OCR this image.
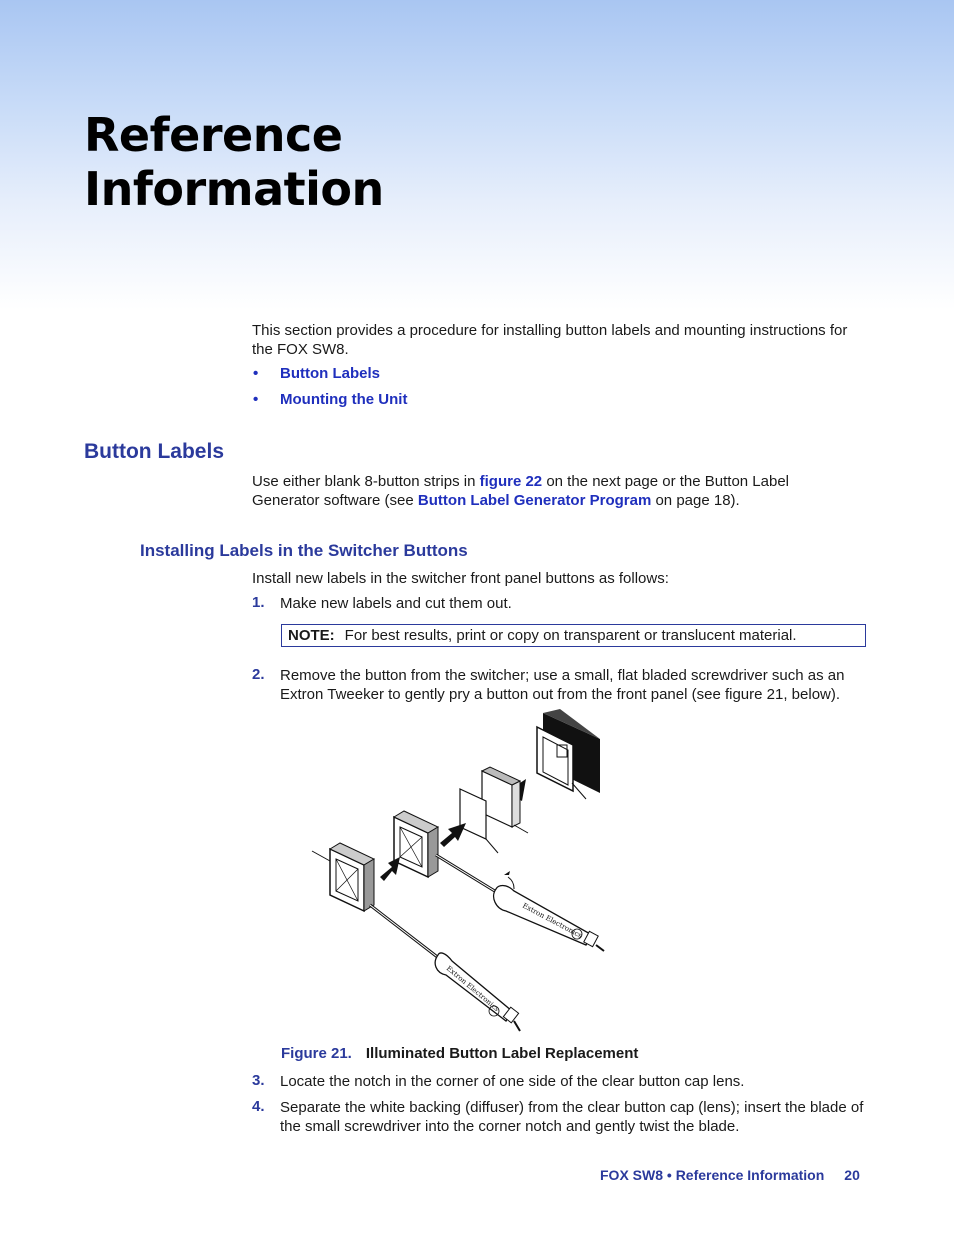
Reference
Information

This section provides a procedure for installing button labels and mounting instructions for the FOX SW8.

• Button Labels
• Mounting the Unit
Button Labels

Use either blank 8-button strips in figure 22 on the next page or the Button Label

Generator software (see Button Label Generator Program on page 18).

Installing Labels in the Switcher Buttons

Install new labels in the switcher front panel buttons as follows:

1. Make new labels and cut them out.

NOTE: For best results, print or copy on transparent or translucent material.
2. Remove the button from the switcher; use a small, flat bladed screwdriver such as an

Extron Tweeker to gently pry a button out from the front panel (see figure 21, below).

Extron Electronics
Extron Electronics
Figure 21. Illuminated Button Label Replacement
3. Locate the notch in the corner of one side of the clear button cap lens.

4. Separate the white backing (diffuser) from the clear button cap (lens); insert the blade of

the small screwdriver into the corner notch and gently twist the blade.

FOX SW8 • Reference Information 20
